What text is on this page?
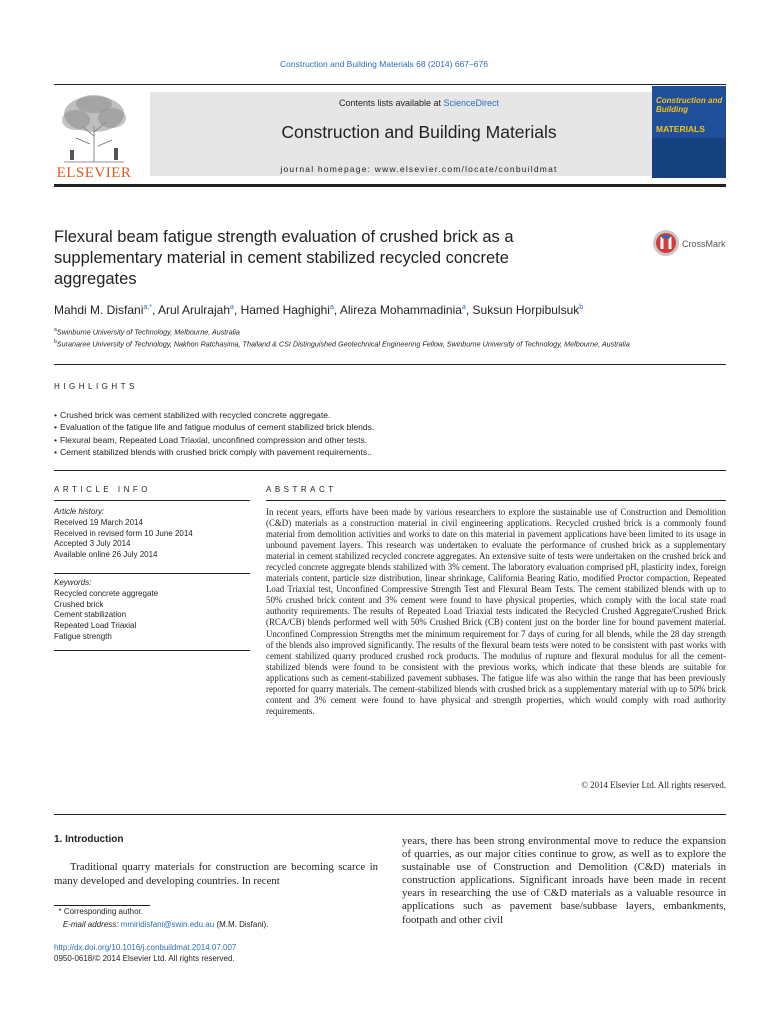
Construction and Building Materials 68 (2014) 667–676
ELSEVIER
Contents lists available at ScienceDirect
Construction and Building Materials
journal homepage: www.elsevier.com/locate/conbuildmat
Construction and Building
MATERIALS
Flexural beam fatigue strength evaluation of crushed brick as a supplementary material in cement stabilized recycled concrete aggregates
CrossMark
Mahdi M. Disfani$^{a,*}$, Arul Arulrajah$^a$, Hamed Haghighi$^a$, Alireza Mohammadinia$^a$, Suksun Horpibulsuk$^b$
$^a$Swinburne University of Technology, Melbourne, Australia
$^b$Suranaree University of Technology, Nakhon Ratchasima, Thailand & CSI Distinguished Geotechnical Engineering Fellow, Swinburne University of Technology, Melbourne, Australia
HIGHLIGHTS
• Crushed brick was cement stabilized with recycled concrete aggregate.
• Evaluation of the fatigue life and fatigue modulus of cement stabilized brick blends.
• Flexural beam, Repeated Load Triaxial, unconfined compression and other tests.
• Cement stabilized blends with crushed brick comply with pavement requirements..
ARTICLE INFO
Article history:
Received 19 March 2014
Received in revised form 10 June 2014
Accepted 3 July 2014
Available online 26 July 2014
Keywords:
Recycled concrete aggregate
Crushed brick
Cement stabilization
Repeated Load Triaxial
Fatigue strength
ABSTRACT

In recent years, efforts have been made by various researchers to explore the sustainable use of Construction and Demolition (C&D) materials as a construction material in civil engineering applications. Recycled crushed brick is a commonly found material from demolition activities and works to date on this material in pavement applications have been limited to its usage in unbound pavement layers. This research was undertaken to evaluate the performance of crushed brick as a supplementary material in cement stabilized recycled concrete aggregates. An extensive suite of tests were undertaken on the crushed brick and recycled concrete aggregate blends stabilized with 3% cement. The laboratory evaluation comprised pH, plasticity index, foreign materials content, particle size distribution, linear shrinkage, California Bearing Ratio, modified Proctor compaction, Repeated Load Triaxial test, Unconfined Compressive Strength Test and Flexural Beam Tests. The cement stabilized blends with up to 50% crushed brick content and 3% cement were found to have physical properties, which comply with the local state road authority requirements. The results of Repeated Load Triaxial tests indicated the Recycled Crushed Aggregate/Crushed Brick (RCA/CB) blends performed well with 50% Crushed Brick (CB) content just on the border line for bound pavement material. Unconfined Compression Strengths met the minimum requirement for 7 days of curing for all blends, while the 28 day strength of the blends also improved significantly. The results of the flexural beam tests were noted to be consistent with past works with cement stabilized quarry produced crushed rock products. The modulus of rupture and flexural modulus for all the cement-stabilized blends were found to be consistent with the previous works, which indicate that these blends are suitable for applications such as cement-stabilized pavement subbases. The fatigue life was also within the range that has been previously reported for quarry materials. The cement-stabilized blends with crushed brick as a supplementary material with up to 50% brick content and 3% cement were found to have physical and strength properties, which would comply with road authority requirements.

© 2014 Elsevier Ltd. All rights reserved.
1. Introduction

Traditional quarry materials for construction are becoming scarce in many developed and developing countries. In recent

years, there has been strong environmental move to reduce the expansion of quarries, as our major cities continue to grow, as well as to explore the sustainable use of Construction and Demolition (C&D) materials in construction applications. Significant inroads have been made in recent years in researching the use of C&D materials as a valuable resource in applications such as pavement base/subbase layers, embankments, footpath and other civil

* Corresponding author.
E-mail address: mmiridisfani@swin.edu.au (M.M. Disfani).
http://dx.doi.org/10.1016/j.conbuildmat.2014.07.007
0950-0618/© 2014 Elsevier Ltd. All rights reserved.
